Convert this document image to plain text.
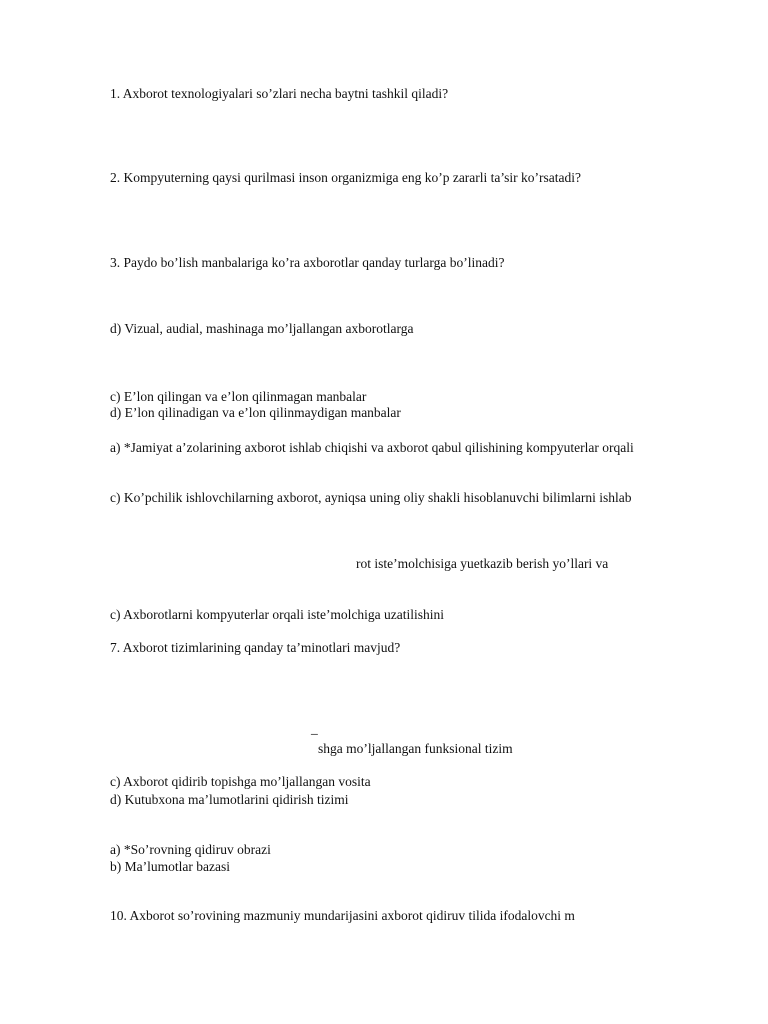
1. Axborot texnologiyalari so’zlari necha baytni tashkil qiladi?
2. Kompyuterning qaysi qurilmasi inson organizmiga eng ko’p zararli ta’sir ko’rsatadi?
3. Paydo bo’lish manbalariga ko’ra axborotlar qanday turlarga bo’linadi?
d) Vizual, audial, mashinaga mo’ljallangan axborotlarga
c) E’lon qilingan va e’lon qilinmagan manbalar
d) E’lon qilinadigan va e’lon qilinmaydigan manbalar
a) *Jamiyat a’zolarining axborot ishlab chiqishi va axborot qabul qilishining kompyuterlar orqali
c) Ko’pchilik ishlovchilarning axborot, ayniqsa uning oliy shakli hisoblanuvchi bilimlarni ishlab
rot iste’molchisiga yuetkazib berish yo’llari va
c) Axborotlarni kompyuterlar orqali iste’molchiga uzatilishini
7. Axborot tizimlarining qanday ta’minotlari mavjud?
_
shga mo’ljallangan funksional tizim
c) Axborot qidirib topishga mo’ljallangan vosita
d) Kutubxona ma’lumotlarini qidirish tizimi
a) *So’rovning qidiruv obrazi
b) Ma’lumotlar bazasi
10. Axborot so’rovining mazmuniy mundarijasini axborot qidiruv tilida ifodalovchi m
